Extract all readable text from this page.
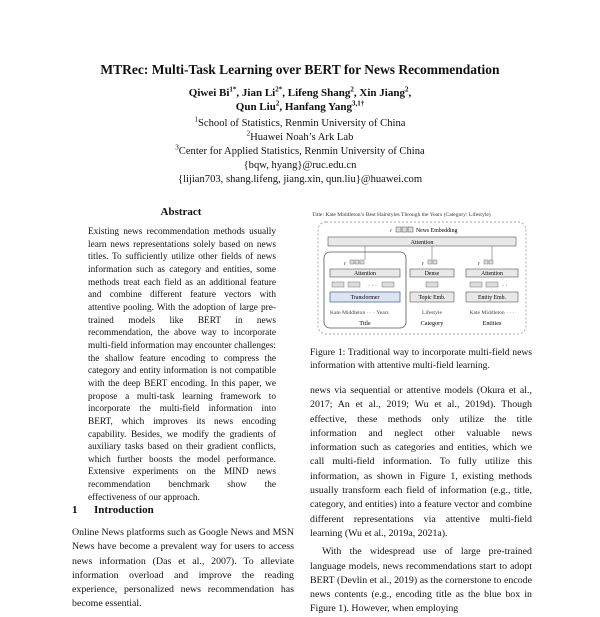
MTRec: Multi-Task Learning over BERT for News Recommendation
Qiwei $Bi^{1*}$, Jian $Li^{2*}$, Lifeng Shang$^2$, Xin Jiang$^2$,
Qun Liu$^2$, Hanfang Yang$^{3,1\dagger}$
$^1$School of Statistics, Renmin University of China
$^2$Huawei Noah’s Ark Lab
$^3$Center for Applied Statistics, Renmin University of China
{bqw, hyang}@ruc.edu.cn
{lijian703, shang.lifeng, jiang.xin, qun.liu}@huawei.com
Abstract
Existing news recommendation methods usually learn news representations solely based on news titles. To sufficiently utilize other fields of news information such as category and entities, some methods treat each field as an additional feature and combine different feature vectors with attentive pooling. With the adoption of large pre-trained models like BERT in news recommendation, the above way to incorporate multi-field information may encounter challenges: the shallow feature encoding to compress the category and entity information is not compatible with the deep BERT encoding. In this paper, we propose a multi-task learning framework to incorporate the multi-field information into BERT, which improves its news encoding capability. Besides, we modify the gradients of auxiliary tasks based on their gradient conflicts, which further boosts the model performance. Extensive experiments on the MIND news recommendation benchmark show the effectiveness of our approach.
1 Introduction
Online News platforms such as Google News and MSN News have become a prevalent way for users to access news information (Das et al., 2007). To alleviate information overload and improve the reading experience, personalized news recommendation has become essential.
Title: Kate Middleton’s Best Hairstyles Through the Years (Category: Lifestyle)
r	News Embedding
Attention
r
Attention
· · ·
Transformer
Kate Middleton · · · Years
Title
r
Dense
Topic Emb.
Lifestyle
Category
r
Attention
· ·
Entity Emb.
Kate Middleton · · ·
Entities
Figure 1: Traditional way to incorporate multi-field news information with attentive multi-field learning.

news via sequential or attentive models (Okura et al., 2017; An et al., 2019; Wu et al., 2019d). Though effective, these methods only utilize the title information and neglect other valuable news information such as categories and entities, which we call multi-field information. To fully utilize this information, as shown in Figure 1, existing methods usually transform each field of information (e.g., title, category, and entities) into a feature vector and combine different representations via attentive multi-field learning (Wu et al., 2019a, 2021a).

With the widespread use of large pre-trained language models, news recommendations start to adopt BERT (Devlin et al., 2019) as the cornerstone to encode news contents (e.g., encoding title as the blue box in Figure 1). However, when employing
